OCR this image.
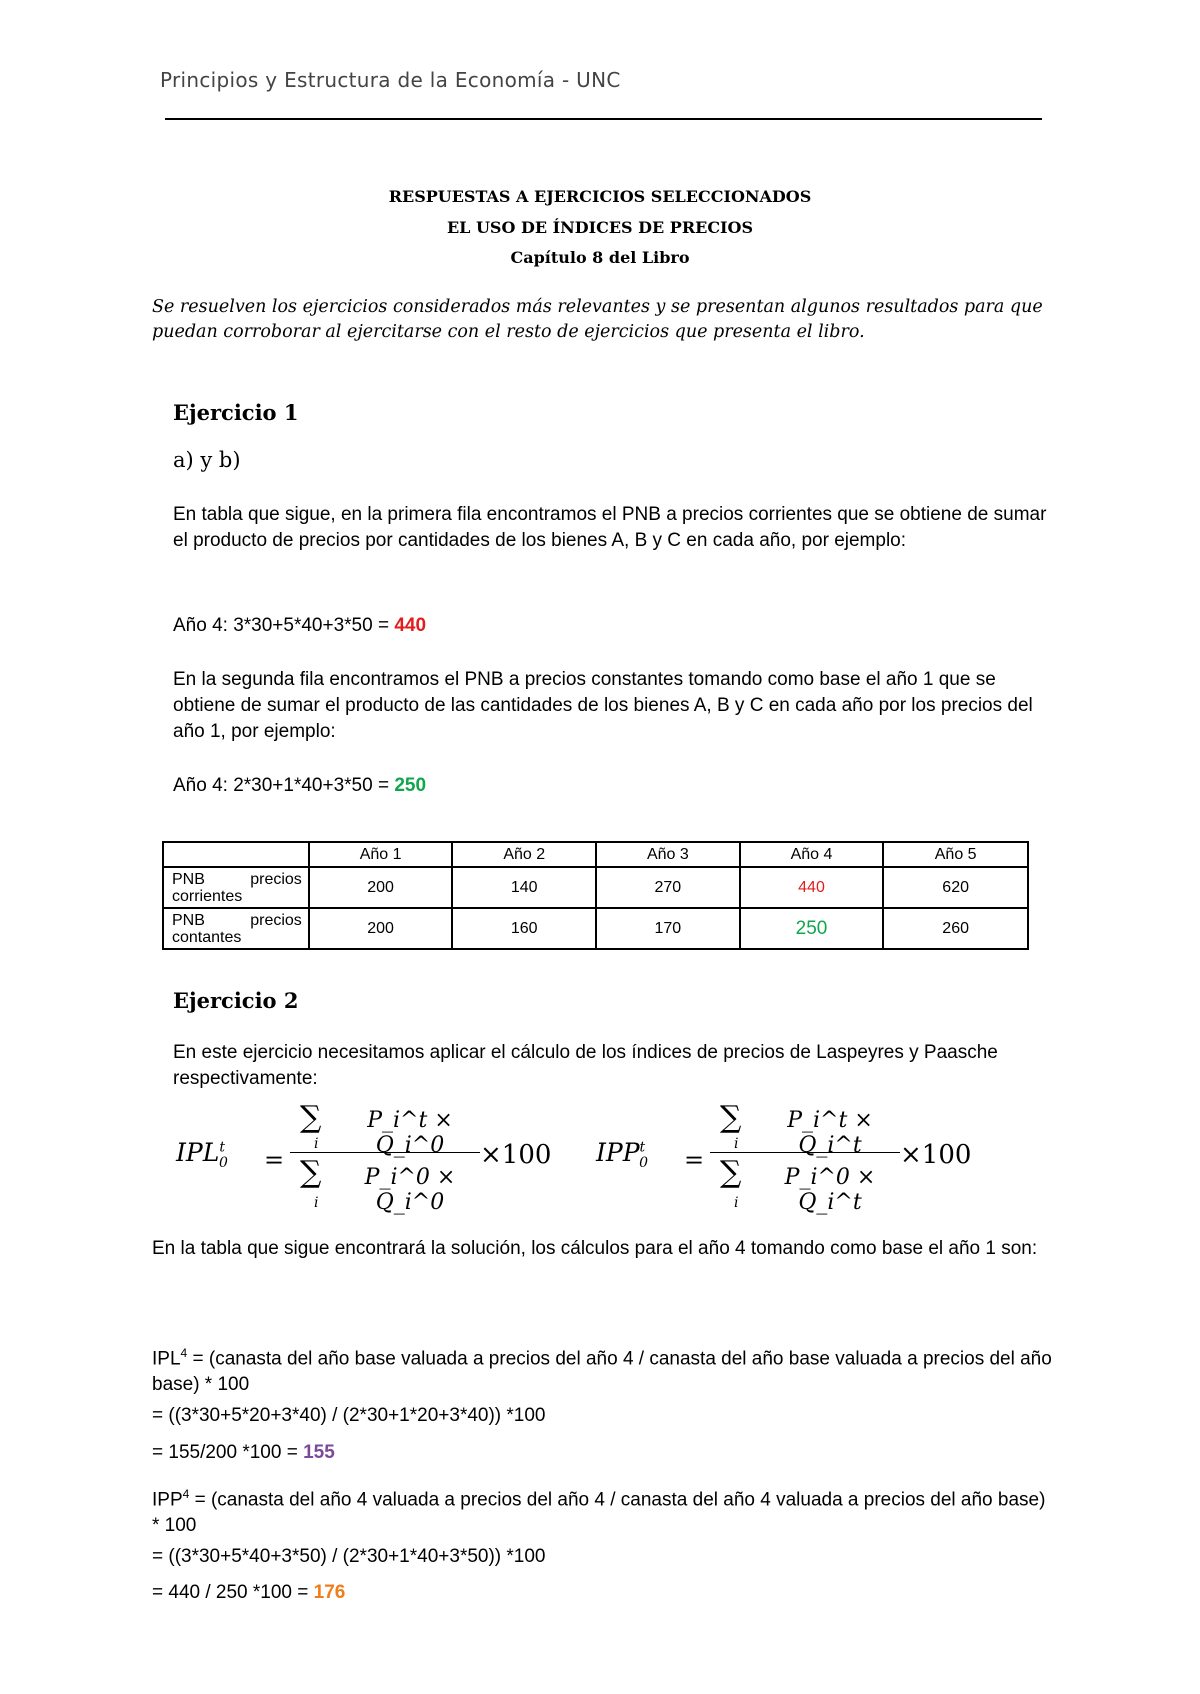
Principios y Estructura de la Economía - UNC
RESPUESTAS A EJERCICIOS SELECCIONADOS
EL USO DE ÍNDICES DE PRECIOS
Capítulo 8 del Libro
Se resuelven los ejercicios considerados más relevantes y se presentan algunos resultados para que puedan corroborar al ejercitarse con el resto de ejercicios que presenta el libro.
Ejercicio 1
a) y b)
En tabla que sigue, en la primera fila encontramos el PNB a precios corrientes que se obtiene de sumar el producto de precios por cantidades de los bienes A, B y C en cada año, por ejemplo:
Año 4: 3*30+5*40+3*50 = 440
En la segunda fila encontramos el PNB a precios constantes tomando como base el año 1 que se obtiene de sumar el producto de las cantidades de los bienes A, B y C en cada año por los precios del año 1, por ejemplo:
Año 4: 2*30+1*40+3*50 = 250
	Año 1	Año 2	Año 3	Año 4	Año 5
PNB precios corrientes	200	140	270	440	620
PNB precios contantes	200	160	170	250	260
Ejercicio 2
En este ejercicio necesitamos aplicar el cálculo de los índices de precios de Laspeyres y Paasche respectivamente:
$IPL^t_0$ =
∑
i
P_i^t × Q_i^0
∑
i
P_i^0 × Q_i^0
×100 $IPP^t_0$ =
∑
i
P_i^t × Q_i^t
∑
i
P_i^0 × Q_i^t
×100
En la tabla que sigue encontrará la solución, los cálculos para el año 4 tomando como base el año 1 son:
$IPL^4$ = (canasta del año base valuada a precios del año 4 / canasta del año base valuada a precios del año base) * 100
= ((3*30+5*20+3*40) / (2*30+1*20+3*40)) *100
= 155/200 *100 = 155
$IPP^4$ = (canasta del año 4 valuada a precios del año 4 / canasta del año 4 valuada a precios del año base) * 100
= ((3*30+5*40+3*50) / (2*30+1*40+3*50)) *100
= 440 / 250 *100 = 176
